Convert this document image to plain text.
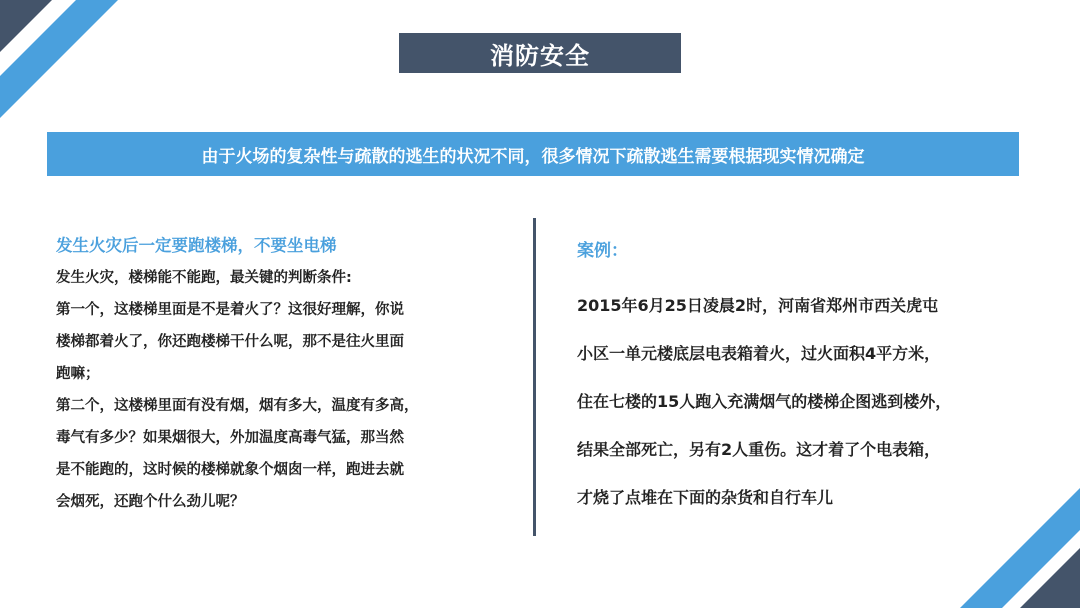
消防安全
由于火场的复杂性与疏散的逃生的状况不同，很多情况下疏散逃生需要根据现实情况确定

发生火灾后一定要跑楼梯，不要坐电梯

发生火灾，楼梯能不能跑，最关键的判断条件:

第一个，这楼梯里面是不是着火了？这很好理解，你说

楼梯都着火了，你还跑楼梯干什么呢，那不是往火里面

跑嘛；

第二个，这楼梯里面有没有烟，烟有多大，温度有多高，

毒气有多少？如果烟很大，外加温度高毒气猛，那当然

是不能跑的，这时候的楼梯就象个烟囱一样，跑进去就

会烟死，还跑个什么劲儿呢？

案例：

2015年6月25日凌晨2时，河南省郑州市西关虎屯

小区一单元楼底层电表箱着火，过火面积4平方米，

住在七楼的15人跑入充满烟气的楼梯企图逃到楼外，

结果全部死亡，另有2人重伤。这才着了个电表箱，

才烧了点堆在下面的杂货和自行车儿
